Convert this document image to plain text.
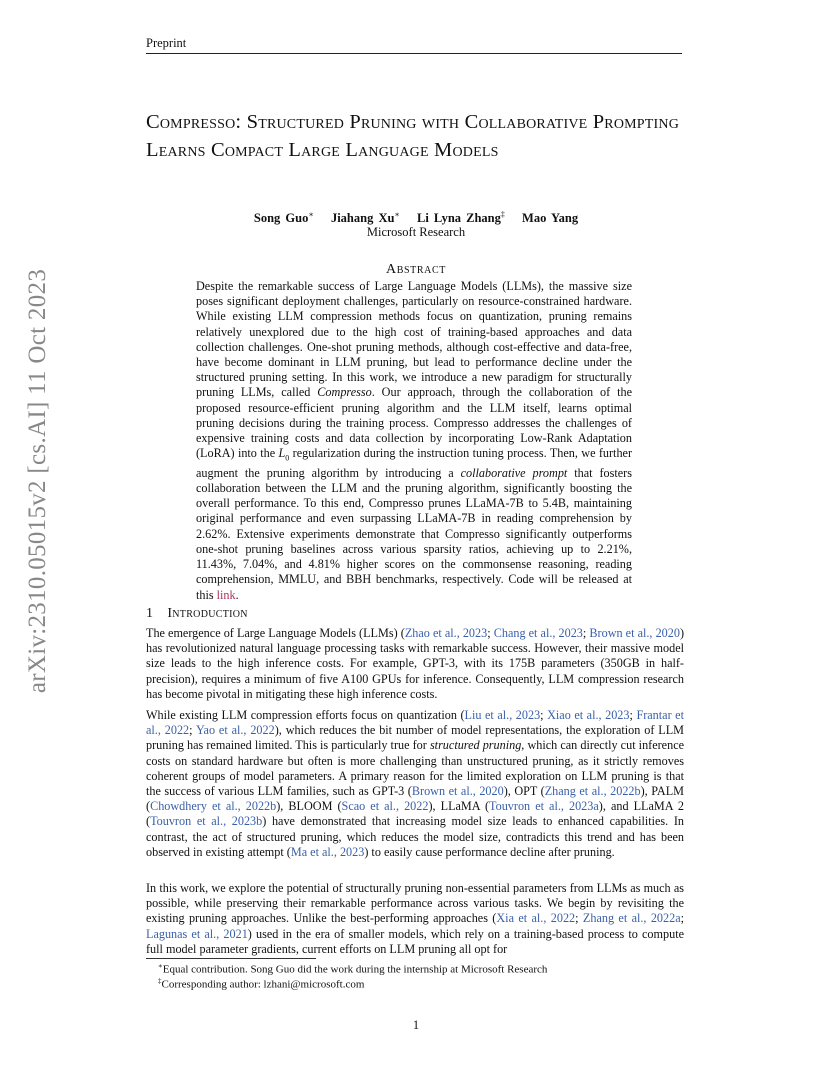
Preprint
arXiv:2310.05015v2 [cs.AI] 11 Oct 2023
Compresso: Structured Pruning with Collaborative Prompting Learns Compact Large Language Models
Song Guo∗ Jiahang Xu∗ Li Lyna Zhang‡ Mao Yang
Microsoft Research
Abstract
Despite the remarkable success of Large Language Models (LLMs), the massive size poses significant deployment challenges, particularly on resource-constrained hardware. While existing LLM compression methods focus on quantization, pruning remains relatively unexplored due to the high cost of training-based approaches and data collection challenges. One-shot pruning methods, although cost-effective and data-free, have become dominant in LLM pruning, but lead to performance decline under the structured pruning setting. In this work, we introduce a new paradigm for structurally pruning LLMs, called Compresso. Our approach, through the collaboration of the proposed resource-efficient pruning algorithm and the LLM itself, learns optimal pruning decisions during the training process. Compresso addresses the challenges of expensive training costs and data collection by incorporating Low-Rank Adaptation (LoRA) into the $L_0$ regularization during the instruction tuning process. Then, we further augment the pruning algorithm by introducing a collaborative prompt that fosters collaboration between the LLM and the pruning algorithm, significantly boosting the overall performance. To this end, Compresso prunes LLaMA-7B to 5.4B, maintaining original performance and even surpassing LLaMA-7B in reading comprehension by 2.62%. Extensive experiments demonstrate that Compresso significantly outperforms one-shot pruning baselines across various sparsity ratios, achieving up to 2.21%, 11.43%, 7.04%, and 4.81% higher scores on the commonsense reasoning, reading comprehension, MMLU, and BBH benchmarks, respectively. Code will be released at this link.
1 Introduction

The emergence of Large Language Models (LLMs) (Zhao et al., 2023; Chang et al., 2023; Brown et al., 2020) has revolutionized natural language processing tasks with remarkable success. However, their massive model size leads to the high inference costs. For example, GPT-3, with its 175B parameters (350GB in half-precision), requires a minimum of five A100 GPUs for inference. Consequently, LLM compression research has become pivotal in mitigating these high inference costs.

While existing LLM compression efforts focus on quantization (Liu et al., 2023; Xiao et al., 2023; Frantar et al., 2022; Yao et al., 2022), which reduces the bit number of model representations, the exploration of LLM pruning has remained limited. This is particularly true for structured pruning, which can directly cut inference costs on standard hardware but often is more challenging than unstructured pruning, as it strictly removes coherent groups of model parameters. A primary reason for the limited exploration on LLM pruning is that the success of various LLM families, such as GPT-3 (Brown et al., 2020), OPT (Zhang et al., 2022b), PALM (Chowdhery et al., 2022b), BLOOM (Scao et al., 2022), LLaMA (Touvron et al., 2023a), and LLaMA 2 (Touvron et al., 2023b) have demonstrated that increasing model size leads to enhanced capabilities. In contrast, the act of structured pruning, which reduces the model size, contradicts this trend and has been observed in existing attempt (Ma et al., 2023) to easily cause performance decline after pruning.

In this work, we explore the potential of structurally pruning non-essential parameters from LLMs as much as possible, while preserving their remarkable performance across various tasks. We begin by revisiting the existing pruning approaches. Unlike the best-performing approaches (Xia et al., 2022; Zhang et al., 2022a; Lagunas et al., 2021) used in the era of smaller models, which rely on a training-based process to compute full model parameter gradients, current efforts on LLM pruning all opt for

∗Equal contribution. Song Guo did the work during the internship at Microsoft Research
‡Corresponding author: lzhani@microsoft.com
1
